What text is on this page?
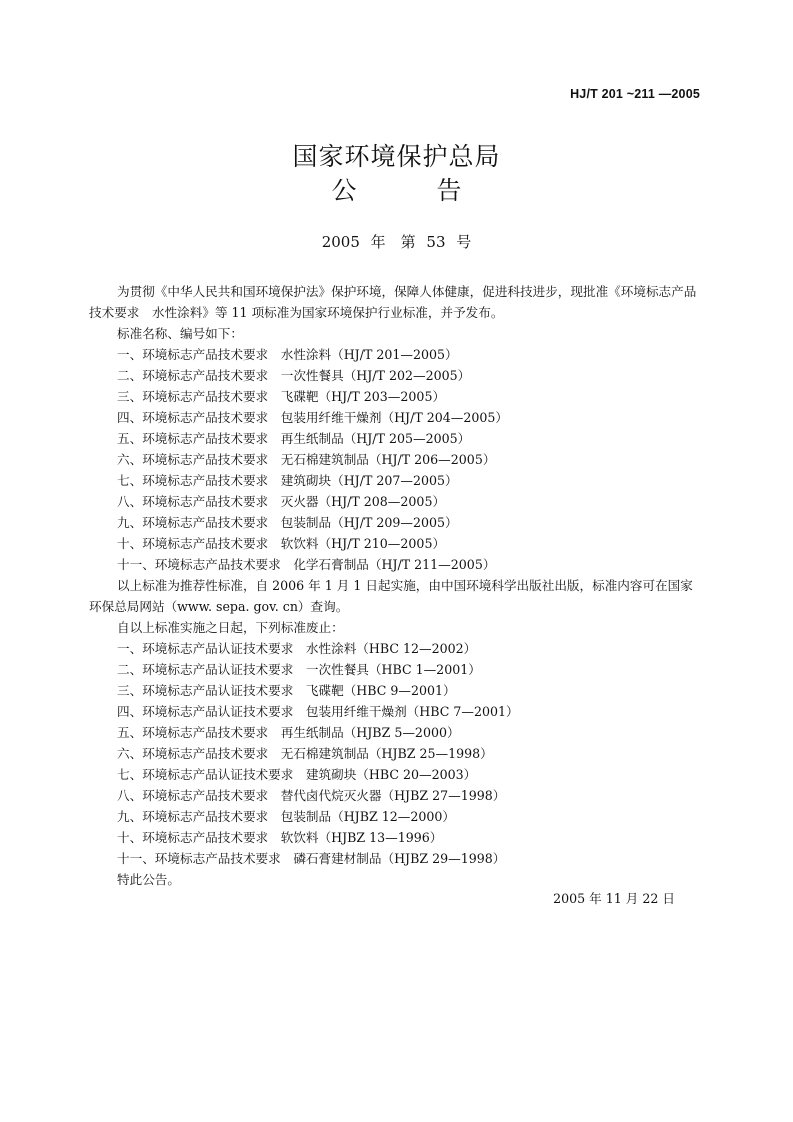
HJ/T 201 ~211 —2005
国家环境保护总局
公	告
2005 年　第 53 号

为贯彻《中华人民共和国环境保护法》保护环境，保障人体健康，促进科技进步，现批准《环境标志产品技术要求　水性涂料》等 11 项标准为国家环境保护行业标准，并予发布。

标准名称、编号如下：

一、环境标志产品技术要求　水性涂料（HJ/T 201—2005）

二、环境标志产品技术要求　一次性餐具（HJ/T 202—2005）

三、环境标志产品技术要求　飞碟靶（HJ/T 203—2005）

四、环境标志产品技术要求　包装用纤维干燥剂（HJ/T 204—2005）

五、环境标志产品技术要求　再生纸制品（HJ/T 205—2005）

六、环境标志产品技术要求　无石棉建筑制品（HJ/T 206—2005）

七、环境标志产品技术要求　建筑砌块（HJ/T 207—2005）

八、环境标志产品技术要求　灭火器（HJ/T 208—2005）

九、环境标志产品技术要求　包装制品（HJ/T 209—2005）

十、环境标志产品技术要求　软饮料（HJ/T 210—2005）

十一、环境标志产品技术要求　化学石膏制品（HJ/T 211—2005）

以上标准为推荐性标准，自 2006 年 1 月 1 日起实施，由中国环境科学出版社出版，标准内容可在国家环保总局网站（www. sepa. gov. cn）查询。

自以上标准实施之日起，下列标准废止：

一、环境标志产品认证技术要求　水性涂料（HBC 12—2002）

二、环境标志产品认证技术要求　一次性餐具（HBC 1—2001）

三、环境标志产品认证技术要求　飞碟靶（HBC 9—2001）

四、环境标志产品认证技术要求　包装用纤维干燥剂（HBC 7—2001）

五、环境标志产品技术要求　再生纸制品（HJBZ 5—2000）

六、环境标志产品技术要求　无石棉建筑制品（HJBZ 25—1998）

七、环境标志产品认证技术要求　建筑砌块（HBC 20—2003）

八、环境标志产品技术要求　替代卤代烷灭火器（HJBZ 27—1998）

九、环境标志产品技术要求　包装制品（HJBZ 12—2000）

十、环境标志产品技术要求　软饮料（HJBZ 13—1996）

十一、环境标志产品技术要求　磷石膏建材制品（HJBZ 29—1998）

特此公告。

2005 年 11 月 22 日
